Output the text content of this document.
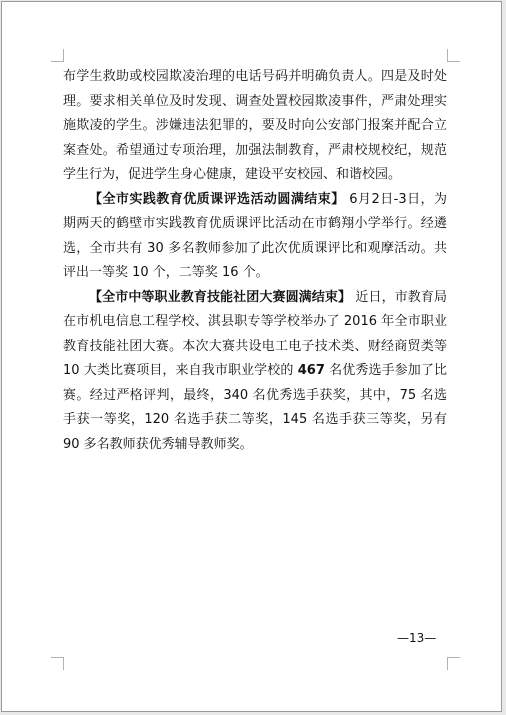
布学生救助或校园欺凌治理的电话号码并明确负责人。四是及时处理。要求相关单位及时发现、调查处置校园欺凌事件，严肃处理实施欺凌的学生。涉嫌违法犯罪的，要及时向公安部门报案并配合立案查处。希望通过专项治理，加强法制教育，严肃校规校纪，规范学生行为，促进学生身心健康，建设平安校园、和谐校园。

【全市实践教育优质课评选活动圆满结束】 6月2日-3日，为期两天的鹤壁市实践教育优质课评比活动在市鹤翔小学举行。经遴选，全市共有 30 多名教师参加了此次优质课评比和观摩活动。共评出一等奖 10 个，二等奖 16 个。

【全市中等职业教育技能社团大赛圆满结束】 近日，市教育局在市机电信息工程学校、淇县职专等学校举办了 2016 年全市职业教育技能社团大赛。本次大赛共设电工电子技术类、财经商贸类等 10 大类比赛项目，来自我市职业学校的 467 名优秀选手参加了比赛。经过严格评判，最终，340 名优秀选手获奖，其中，75 名选手获一等奖，120 名选手获二等奖，145 名选手获三等奖，另有 90 多名教师获优秀辅导教师奖。

—13—
